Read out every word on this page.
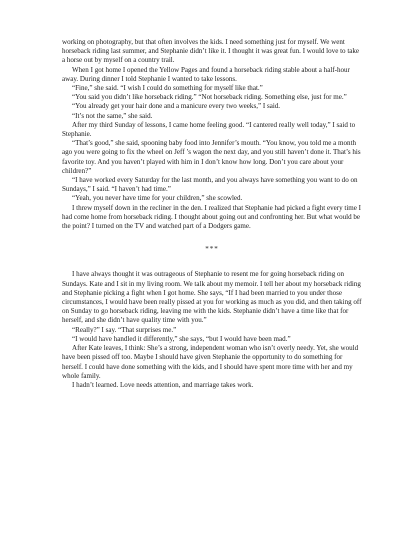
working on photography, but that often involves the kids. I need something just for myself. We went horseback riding last summer, and Stephanie didn’t like it. I thought it was great fun. I would love to take a horse out by myself on a country trail.

When I got home I opened the Yellow Pages and found a horseback riding stable about a half-hour away. During dinner I told Stephanie I wanted to take lessons.

“Fine,” she said. “I wish I could do something for myself like that.”

“You said you didn’t like horseback riding.” “Not horseback riding. Something else, just for me.”

“You already get your hair done and a manicure every two weeks,” I said.

“It’s not the same,” she said.

After my third Sunday of lessons, I came home feeling good. “I cantered really well today,” I said to Stephanie.

“That’s good,” she said, spooning baby food into Jennifer’s mouth. “You know, you told me a month ago you were going to fix the wheel on Jeff ’s wagon the next day, and you still haven’t done it. That’s his favorite toy. And you haven’t played with him in I don’t know how long. Don’t you care about your children?”

“I have worked every Saturday for the last month, and you always have something you want to do on Sundays,” I said. “I haven’t had time.”

“Yeah, you never have time for your children,” she scowled.

I threw myself down in the recliner in the den. I realized that Stephanie had picked a fight every time I had come home from horseback riding. I thought about going out and confronting her. But what would be the point? I turned on the TV and watched part of a Dodgers game.

***

I have always thought it was outrageous of Stephanie to resent me for going horseback riding on Sundays. Kate and I sit in my living room. We talk about my memoir. I tell her about my horseback riding and Stephanie picking a fight when I got home. She says, “If I had been married to you under those circumstances, I would have been really pissed at you for working as much as you did, and then taking off on Sunday to go horseback riding, leaving me with the kids. Stephanie didn’t have a time like that for herself, and she didn’t have quality time with you.”

“Really?” I say. “That surprises me.”

“I would have handled it differently,” she says, “but I would have been mad.”

After Kate leaves, I think: She’s a strong, independent woman who isn’t overly needy. Yet, she would have been pissed off too. Maybe I should have given Stephanie the opportunity to do something for herself. I could have done something with the kids, and I should have spent more time with her and my whole family.

I hadn’t learned. Love needs attention, and marriage takes work.
